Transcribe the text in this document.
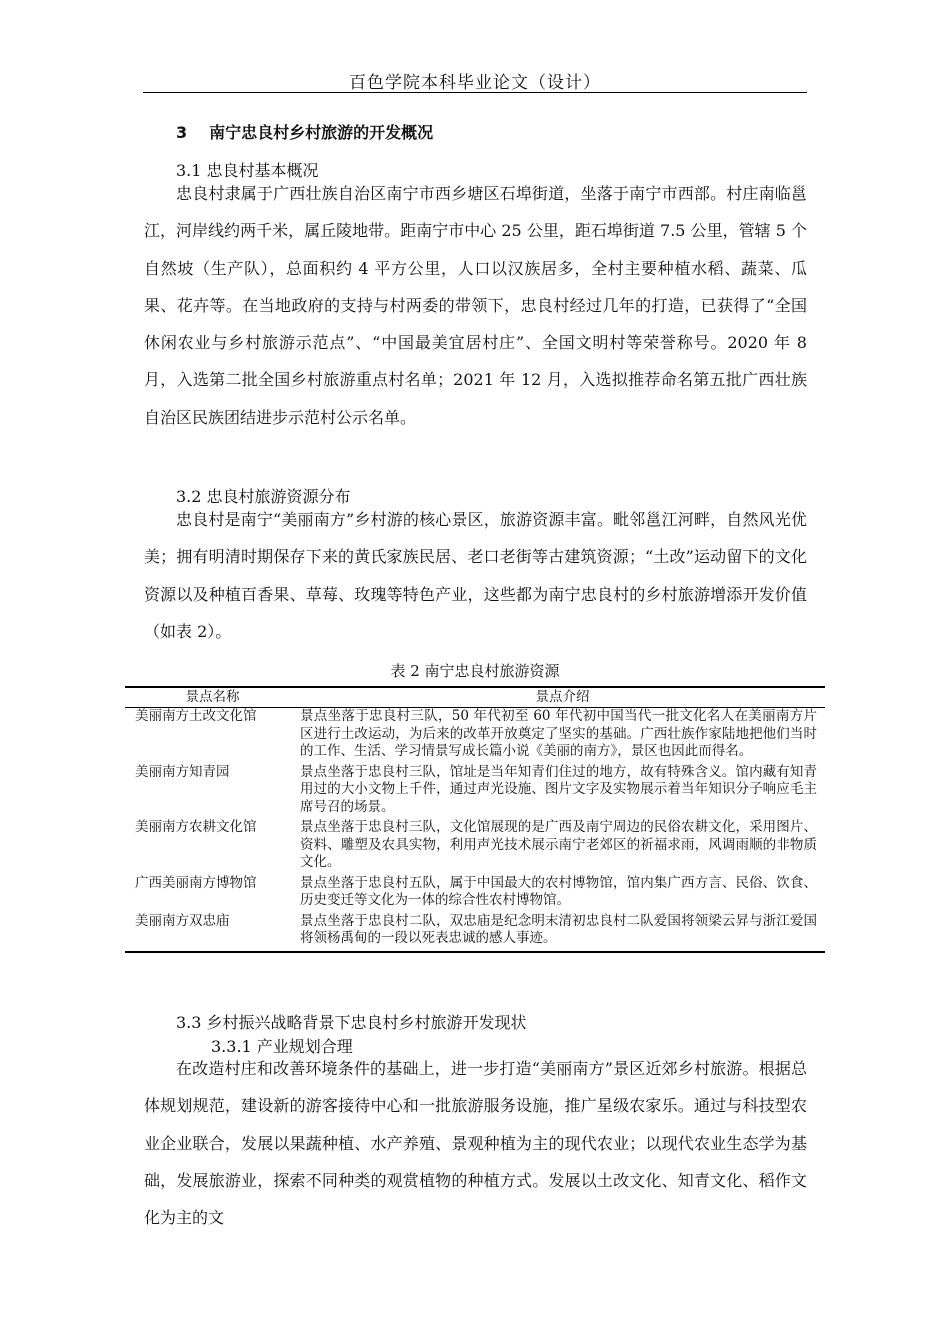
百色学院本科毕业论文（设计）
3 南宁忠良村乡村旅游的开发概况
3.1 忠良村基本概况
忠良村隶属于广西壮族自治区南宁市西乡塘区石埠街道，坐落于南宁市西部。村庄南临邕江，河岸线约两千米，属丘陵地带。距南宁市中心 25 公里，距石埠街道 7.5 公里，管辖 5 个自然坡（生产队），总面积约 4 平方公里，人口以汉族居多，全村主要种植水稻、蔬菜、瓜果、花卉等。在当地政府的支持与村两委的带领下，忠良村经过几年的打造，已获得了“全国休闲农业与乡村旅游示范点”、“中国最美宜居村庄”、全国文明村等荣誉称号。2020 年 8 月，入选第二批全国乡村旅游重点村名单；2021 年 12 月，入选拟推荐命名第五批广西壮族自治区民族团结进步示范村公示名单。
3.2 忠良村旅游资源分布
忠良村是南宁“美丽南方”乡村游的核心景区，旅游资源丰富。毗邻邕江河畔，自然风光优美；拥有明清时期保存下来的黄氏家族民居、老口老街等古建筑资源；“土改”运动留下的文化资源以及种植百香果、草莓、玫瑰等特色产业，这些都为南宁忠良村的乡村旅游增添开发价值（如表 2）。
表 2 南宁忠良村旅游资源
景点名称	景点介绍
美丽南方土改文化馆	景点坐落于忠良村三队，50 年代初至 60 年代初中国当代一批文化名人在美丽南方片区进行土改运动，为后来的改革开放奠定了坚实的基础。广西壮族作家陆地把他们当时的工作、生活、学习情景写成长篇小说《美丽的南方》，景区也因此而得名。
美丽南方知青园	景点坐落于忠良村三队，馆址是当年知青们住过的地方，故有特殊含义。馆内藏有知青用过的大小文物上千件，通过声光设施、图片文字及实物展示着当年知识分子响应毛主席号召的场景。
美丽南方农耕文化馆	景点坐落于忠良村三队，文化馆展现的是广西及南宁周边的民俗农耕文化，采用图片、资料、雕塑及农具实物，利用声光技术展示南宁老郊区的祈福求雨，风调雨顺的非物质文化。
广西美丽南方博物馆	景点坐落于忠良村五队，属于中国最大的农村博物馆，馆内集广西方言、民俗、饮食、历史变迁等文化为一体的综合性农村博物馆。
美丽南方双忠庙	景点坐落于忠良村二队，双忠庙是纪念明末清初忠良村二队爱国将领梁云昇与浙江爱国将领杨禹甸的一段以死表忠诚的感人事迹。
3.3 乡村振兴战略背景下忠良村乡村旅游开发现状
3.3.1 产业规划合理
在改造村庄和改善环境条件的基础上，进一步打造“美丽南方”景区近郊乡村旅游。根据总体规划规范，建设新的游客接待中心和一批旅游服务设施，推广星级农家乐。通过与科技型农业企业联合，发展以果蔬种植、水产养殖、景观种植为主的现代农业；以现代农业生态学为基础，发展旅游业，探索不同种类的观赏植物的种植方式。发展以土改文化、知青文化、稻作文化为主的文
